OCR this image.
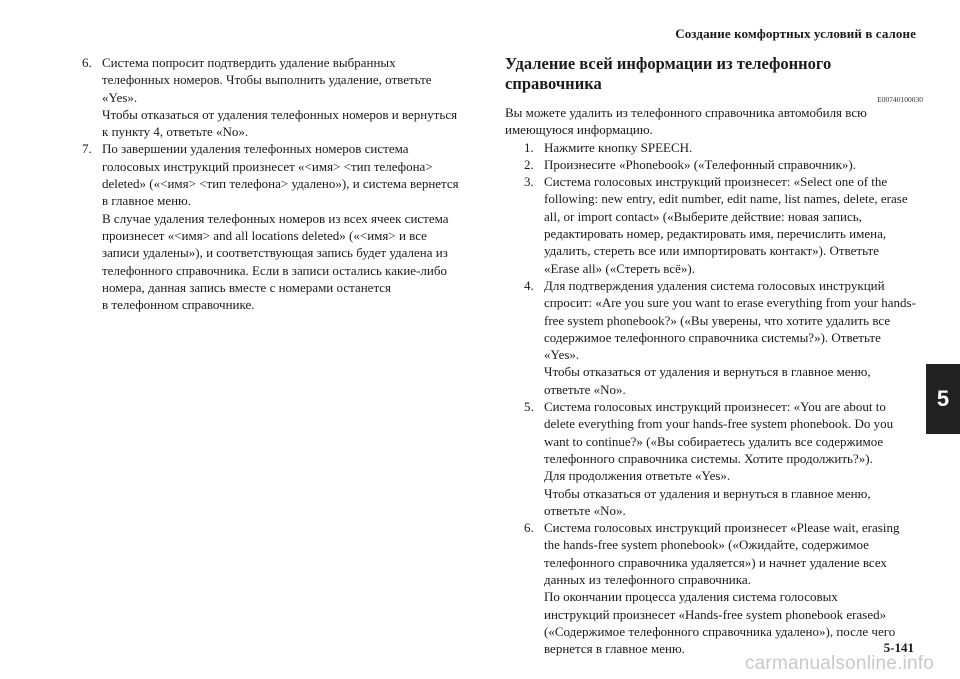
Создание комфортных условий в салоне
6. Система попросит подтвердить удаление выбранных
телефонных номеров. Чтобы выполнить удаление, ответьте
«Yes».
Чтобы отказаться от удаления телефонных номеров и вернуться
к пункту 4, ответьте «No».
7. По завершении удаления телефонных номеров система
голосовых инструкций произнесет «<имя> <тип телефона>
deleted» («<имя> <тип телефона> удалено»), и система вернется
в главное меню.
В случае удаления телефонных номеров из всех ячеек система
произнесет «<имя> and all locations deleted» («<имя> и все
записи удалены»), и соответствующая запись будет удалена из
телефонного справочника. Если в записи остались какие-либо
номера, данная запись вместе с номерами останется
в телефонном справочнике.
Удаление всей информации из телефонного справочника
E00740100030
Вы можете удалить из телефонного справочника автомобиля всю
имеющуюся информацию.
1. Нажмите кнопку SPEECH.
2. Произнесите «Phonebook» («Телефонный справочник»).
3. Система голосовых инструкций произнесет: «Select one of the
following: new entry, edit number, edit name, list names, delete, erase
all, or import contact» («Выберите действие: новая запись,
редактировать номер, редактировать имя, перечислить имена,
удалить, стереть все или импортировать контакт»). Ответьте
«Erase all» («Стереть всё»).
4. Для подтверждения удаления система голосовых инструкций
спросит: «Are you sure you want to erase everything from your hands-
free system phonebook?» («Вы уверены, что хотите удалить все
содержимое телефонного справочника системы?»). Ответьте
«Yes».
Чтобы отказаться от удаления и вернуться в главное меню,
ответьте «No».
5. Система голосовых инструкций произнесет: «You are about to
delete everything from your hands-free system phonebook. Do you
want to continue?» («Вы собираетесь удалить все содержимое
телефонного справочника системы. Хотите продолжить?»).
Для продолжения ответьте «Yes».
Чтобы отказаться от удаления и вернуться в главное меню,
ответьте «No».
6. Система голосовых инструкций произнесет «Please wait, erasing
the hands-free system phonebook» («Ожидайте, содержимое
телефонного справочника удаляется») и начнет удаление всех
данных из телефонного справочника.
По окончании процесса удаления система голосовых
инструкций произнесет «Hands-free system phonebook erased»
(«Содержимое телефонного справочника удалено»), после чего
вернется в главное меню.
5
5-141
carmanualsonline.info
